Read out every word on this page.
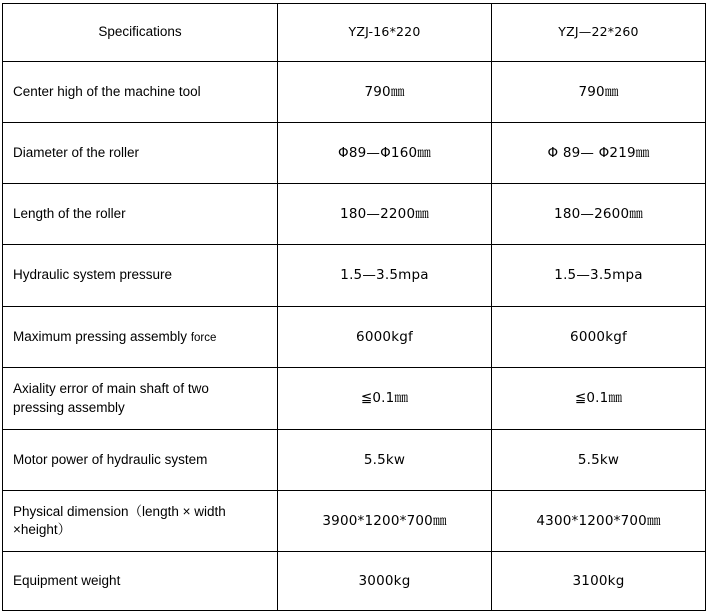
Specifications	YZJ-16*220	YZJ—22*260
Center high of the machine tool	790㎜	790㎜
Diameter of the roller	Φ89—Φ160㎜	Φ 89— Φ219㎜
Length of the roller	180—2200㎜	180—2600㎜
Hydraulic system pressure	1.5—3.5mpa	1.5—3.5mpa
Maximum pressing assembly force	6000kgf	6000kgf

Axiality error of main shaft of two
pressing assembly	≦0.1㎜	≦0.1㎜
Motor power of hydraulic system	5.5kw	5.5kw

Physical dimension（length × width
×height）	3900*1200*700㎜	4300*1200*700㎜
Equipment weight	3000kg	3100kg
